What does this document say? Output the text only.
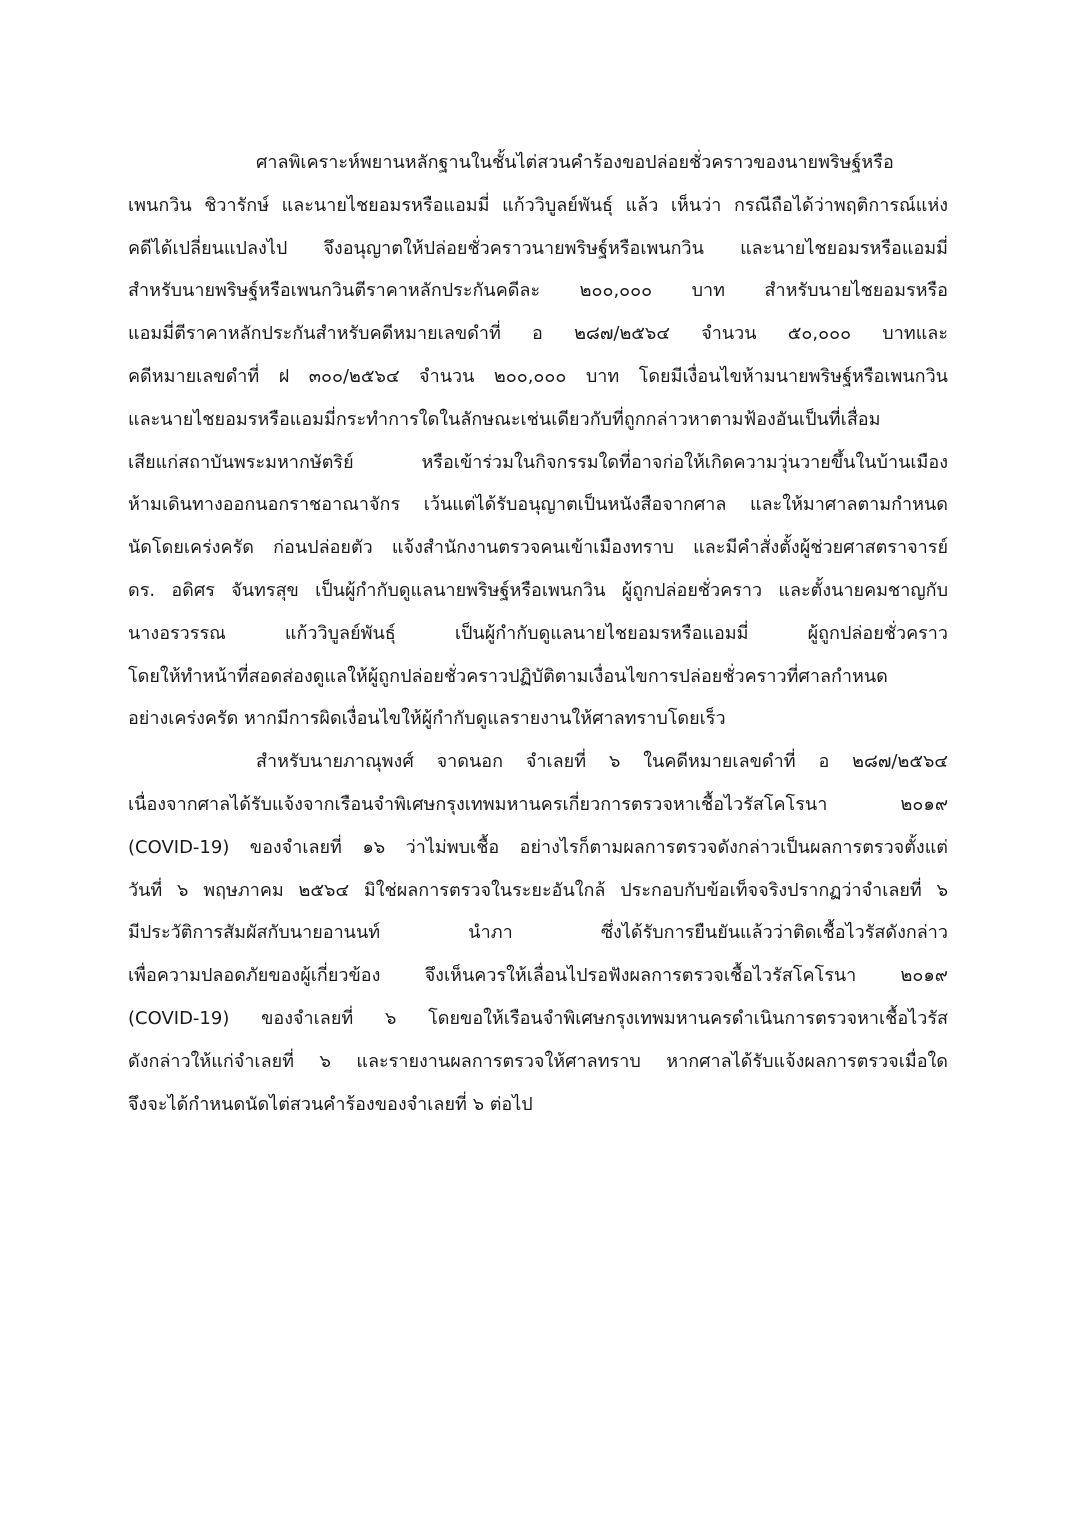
ศาลพิเคราะห์พยานหลักฐานในชั้นไต่สวนคำร้องขอปล่อยชั่วคราวของนายพริษฐ์หรือ
เพนกวิน ชิวารักษ์ และนายไชยอมรหรือแอมมี่ แก้ววิบูลย์พันธุ์ แล้ว เห็นว่า กรณีถือได้ว่าพฤติการณ์แห่ง
คดีได้เปลี่ยนแปลงไป จึงอนุญาตให้ปล่อยชั่วคราวนายพริษฐ์หรือเพนกวิน และนายไชยอมรหรือแอมมี่
สำหรับนายพริษฐ์หรือเพนกวินตีราคาหลักประกันคดีละ ๒๐๐,๐๐๐ บาท สำหรับนายไชยอมรหรือ
แอมมี่ตีราคาหลักประกันสำหรับคดีหมายเลขดำที่ อ ๒๘๗/๒๕๖๔ จำนวน ๕๐,๐๐๐ บาทและ
คดีหมายเลขดำที่ ฝ ๓๐๐/๒๕๖๔ จำนวน ๒๐๐,๐๐๐ บาท โดยมีเงื่อนไขห้ามนายพริษฐ์หรือเพนกวิน
และนายไชยอมรหรือแอมมี่กระทำการใดในลักษณะเช่นเดียวกับที่ถูกกล่าวหาตามฟ้องอันเป็นที่เสื่อม
เสียแก่สถาบันพระมหากษัตริย์ หรือเข้าร่วมในกิจกรรมใดที่อาจก่อให้เกิดความวุ่นวายขึ้นในบ้านเมือง
ห้ามเดินทางออกนอกราชอาณาจักร เว้นแต่ได้รับอนุญาตเป็นหนังสือจากศาล และให้มาศาลตามกำหนด
นัดโดยเคร่งครัด ก่อนปล่อยตัว แจ้งสำนักงานตรวจคนเข้าเมืองทราบ และมีคำสั่งตั้งผู้ช่วยศาสตราจารย์
ดร. อดิศร จันทรสุข เป็นผู้กำกับดูแลนายพริษฐ์หรือเพนกวิน ผู้ถูกปล่อยชั่วคราว และตั้งนายคมชาญกับ
นางอรวรรณ แก้ววิบูลย์พันธุ์ เป็นผู้กำกับดูแลนายไชยอมรหรือแอมมี่ ผู้ถูกปล่อยชั่วคราว
โดยให้ทำหน้าที่สอดส่องดูแลให้ผู้ถูกปล่อยชั่วคราวปฏิบัติตามเงื่อนไขการปล่อยชั่วคราวที่ศาลกำหนด
อย่างเคร่งครัด หากมีการผิดเงื่อนไขให้ผู้กำกับดูแลรายงานให้ศาลทราบโดยเร็ว
สำหรับนายภาณุพงศ์ จาดนอก จำเลยที่ ๖ ในคดีหมายเลขดำที่ อ ๒๘๗/๒๕๖๔
เนื่องจากศาลได้รับแจ้งจากเรือนจำพิเศษกรุงเทพมหานครเกี่ยวการตรวจหาเชื้อไวรัสโคโรนา ๒๐๑๙
(COVID-19) ของจำเลยที่ ๑๖ ว่าไม่พบเชื้อ อย่างไรก็ตามผลการตรวจดังกล่าวเป็นผลการตรวจตั้งแต่
วันที่ ๖ พฤษภาคม ๒๕๖๔ มิใช่ผลการตรวจในระยะอันใกล้ ประกอบกับข้อเท็จจริงปรากฏว่าจำเลยที่ ๖
มีประวัติการสัมผัสกับนายอานนท์ นำภา ซึ่งได้รับการยืนยันแล้วว่าติดเชื้อไวรัสดังกล่าว
เพื่อความปลอดภัยของผู้เกี่ยวข้อง จึงเห็นควรให้เลื่อนไปรอฟังผลการตรวจเชื้อไวรัสโคโรนา ๒๐๑๙
(COVID-19) ของจำเลยที่ ๖ โดยขอให้เรือนจำพิเศษกรุงเทพมหานครดำเนินการตรวจหาเชื้อไวรัส
ดังกล่าวให้แก่จำเลยที่ ๖ และรายงานผลการตรวจให้ศาลทราบ หากศาลได้รับแจ้งผลการตรวจเมื่อใด
จึงจะได้กำหนดนัดไต่สวนคำร้องของจำเลยที่ ๖ ต่อไป
